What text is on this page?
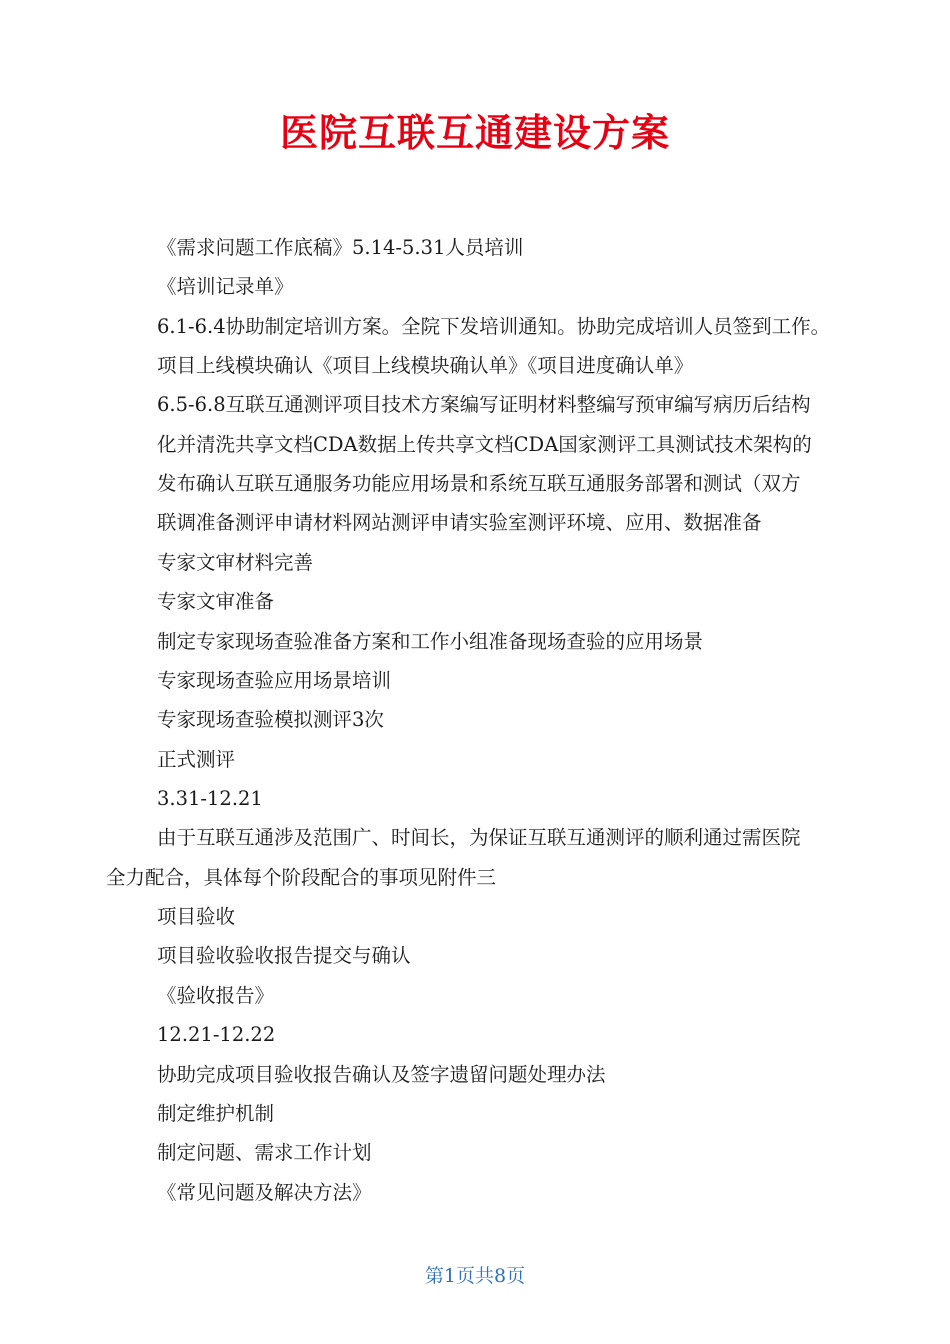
医院互联互通建设方案
《需求问题工作底稿》5.14-5.31人员培训
《培训记录单》
6.1-6.4协助制定培训方案。全院下发培训通知。协助完成培训人员签到工作。
项目上线模块确认《项目上线模块确认单》《项目进度确认单》
6.5-6.8互联互通测评项目技术方案编写证明材料整编写预审编写病历后结构
化并清洗共享文档CDA数据上传共享文档CDA国家测评工具测试技术架构的
发布确认互联互通服务功能应用场景和系统互联互通服务部署和测试（双方
联调准备测评申请材料网站测评申请实验室测评环境、应用、数据准备
专家文审材料完善
专家文审准备
制定专家现场查验准备方案和工作小组准备现场查验的应用场景
专家现场查验应用场景培训
专家现场查验模拟测评3次
正式测评
3.31-12.21
由于互联互通涉及范围广、时间长，为保证互联互通测评的顺利通过需医院
全力配合，具体每个阶段配合的事项见附件三
项目验收
项目验收验收报告提交与确认
《验收报告》
12.21-12.22
协助完成项目验收报告确认及签字遗留问题处理办法
制定维护机制
制定问题、需求工作计划
《常见问题及解决方法》
第1页共8页
